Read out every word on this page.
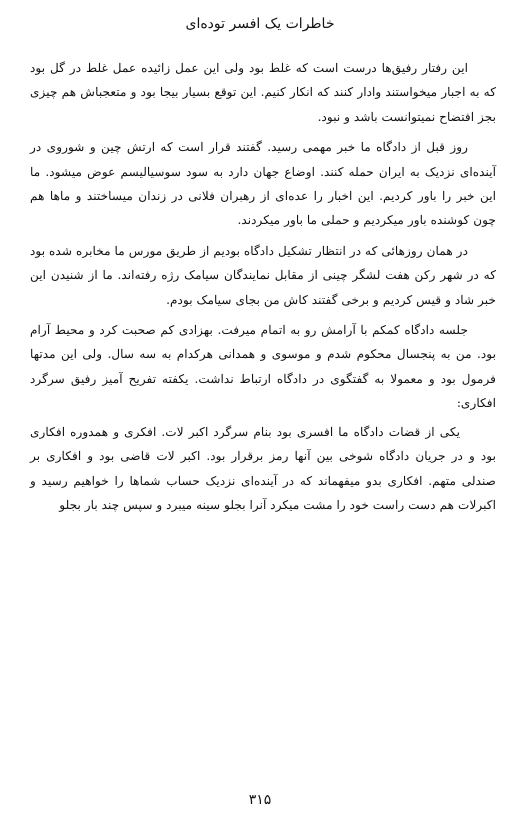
خاطرات یک افسر توده‌ای

این رفتار رفیق‌ها درست است که غلط بود ولی این عمل زائیده عمل غلط در گل بود که به اجبار میخواستند وادار کنند که انکار کنیم. این توقع بسیار بیجا بود و متعجباش هم چیزی بجز افتضاح نمیتوانست باشد و نبود.

روز قبل از دادگاه ما خبر مهمی رسید. گفتند قرار است که ارتش چین و شوروی در آینده‌ای نزدیک به ایران حمله کنند. اوضاع جهان دارد به سود سوسیالیسم عوض میشود. ما این خبر را باور کردیم. این اخبار را عده‌ای از رهبران فلانی در زندان میساختند و ماها هم چون کوشنده باور میکردیم و حملی ما باور میکردند.

در همان روزهائی که در انتظار تشکیل دادگاه بودیم از طریق مورس ما مخابره شده بود که در شهر رکن هفت لشگر چینی از مقابل نمایندگان سیامک رژه رفته‌اند. ما از شنیدن این خبر شاد و قیس کردیم و برخی گفتند کاش من بجای سیامک بودم.

جلسه دادگاه کمکم با آرامش رو به اتمام میرفت. بهزادی کم صحبت کرد و محیط آرام بود. من به پنجسال محکوم شدم و موسوی و همدانی هرکدام به سه سال. ولی این مدتها فرمول بود و معمولا به گفتگوی در دادگاه ارتباط نداشت. یکفته تفریح آمیز رفیق سرگرد افکاری:

یکی از قضات دادگاه ما افسری بود بنام سرگرد اکبر لات. افکری و همدوره افکاری بود و در جریان دادگاه شوخی بین آنها رمز برقرار بود. اکبر لات قاضی بود و افکاری بر صندلی متهم. افکاری بدو میفهماند که در آینده‌ای نزدیک حساب شماها را خواهیم رسید و اکبرلات هم دست راست خود را مشت میکرد آنرا بجلو سینه میبرد و سپس چند بار بجلو

۳۱۵
